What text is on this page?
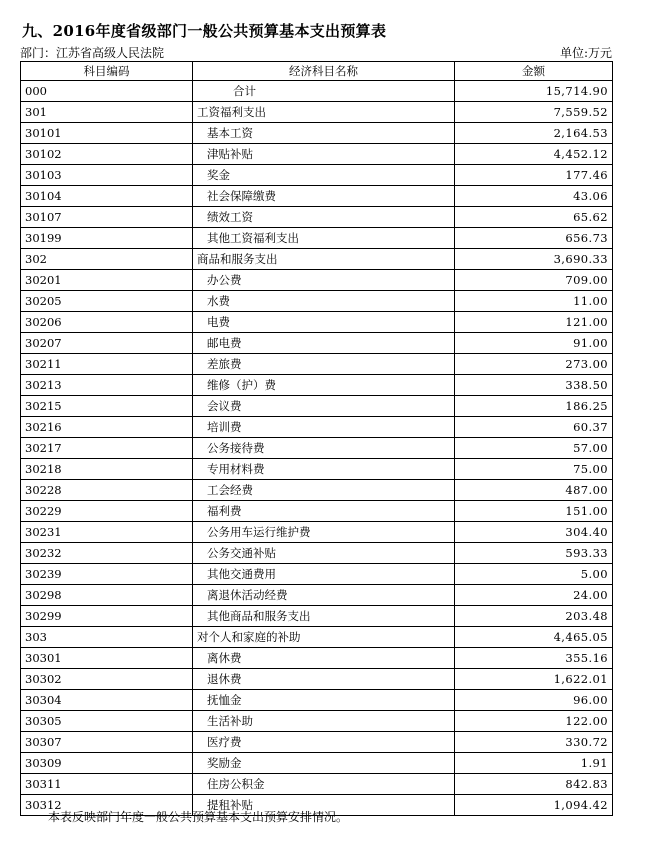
九、2016年度省级部门一般公共预算基本支出预算表
部门：江苏省高级人民法院	单位:万元
科目编码	经济科目名称	金额
000	合计	15,714.90
301	工资福利支出	7,559.52
30101	基本工资	2,164.53
30102	津贴补贴	4,452.12
30103	奖金	177.46
30104	社会保障缴费	43.06
30107	绩效工资	65.62
30199	其他工资福利支出	656.73
302	商品和服务支出	3,690.33
30201	办公费	709.00
30205	水费	11.00
30206	电费	121.00
30207	邮电费	91.00
30211	差旅费	273.00
30213	维修（护）费	338.50
30215	会议费	186.25
30216	培训费	60.37
30217	公务接待费	57.00
30218	专用材料费	75.00
30228	工会经费	487.00
30229	福利费	151.00
30231	公务用车运行维护费	304.40
30232	公务交通补贴	593.33
30239	其他交通费用	5.00
30298	离退休活动经费	24.00
30299	其他商品和服务支出	203.48
303	对个人和家庭的补助	4,465.05
30301	离休费	355.16
30302	退休费	1,622.01
30304	抚恤金	96.00
30305	生活补助	122.00
30307	医疗费	330.72
30309	奖励金	1.91
30311	住房公积金	842.83
30312	提租补贴	1,094.42
本表反映部门年度一般公共预算基本支出预算安排情况。
